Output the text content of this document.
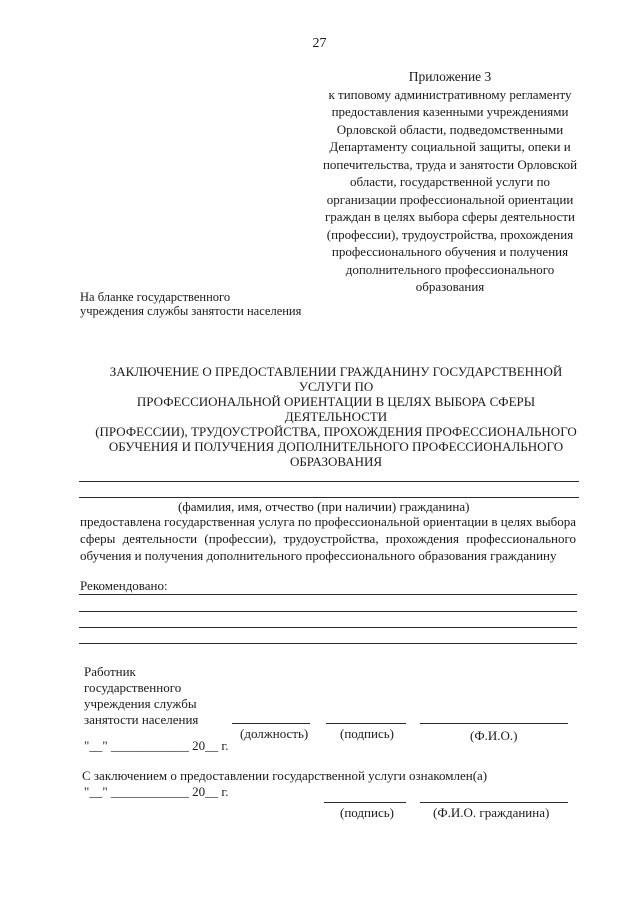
27
Приложение 3
к типовому административному регламенту
предоставления казенными учреждениями
Орловской области, подведомственными
Департаменту социальной защиты, опеки и
попечительства, труда и занятости Орловской
области, государственной услуги по
организации профессиональной ориентации
граждан в целях выбора сферы деятельности
(профессии), трудоустройства, прохождения
профессионального обучения и получения
дополнительного профессионального
образования
На бланке государственного
учреждения службы занятости населения
ЗАКЛЮЧЕНИЕ О ПРЕДОСТАВЛЕНИИ ГРАЖДАНИНУ ГОСУДАРСТВЕННОЙ УСЛУГИ ПО
ПРОФЕССИОНАЛЬНОЙ ОРИЕНТАЦИИ В ЦЕЛЯХ ВЫБОРА СФЕРЫ ДЕЯТЕЛЬНОСТИ
(ПРОФЕССИИ), ТРУДОУСТРОЙСТВА, ПРОХОЖДЕНИЯ ПРОФЕССИОНАЛЬНОГО
ОБУЧЕНИЯ И ПОЛУЧЕНИЯ ДОПОЛНИТЕЛЬНОГО ПРОФЕССИОНАЛЬНОГО
ОБРАЗОВАНИЯ
(фамилия, имя, отчество (при наличии) гражданина)
предоставлена государственная услуга по профессиональной ориентации в целях выбора сферы деятельности (профессии), трудоустройства, прохождения профессионального обучения и получения дополнительного профессионального образования гражданину
Рекомендовано:
Работник
государственного
учреждения службы
занятости населения
(должность) (подпись)	(Ф.И.О.)
"__" ____________ 20__ г.
С заключением о предоставлении государственной услуги ознакомлен(а)
"__" ____________ 20__ г.
(подпись)	(Ф.И.О. гражданина)
